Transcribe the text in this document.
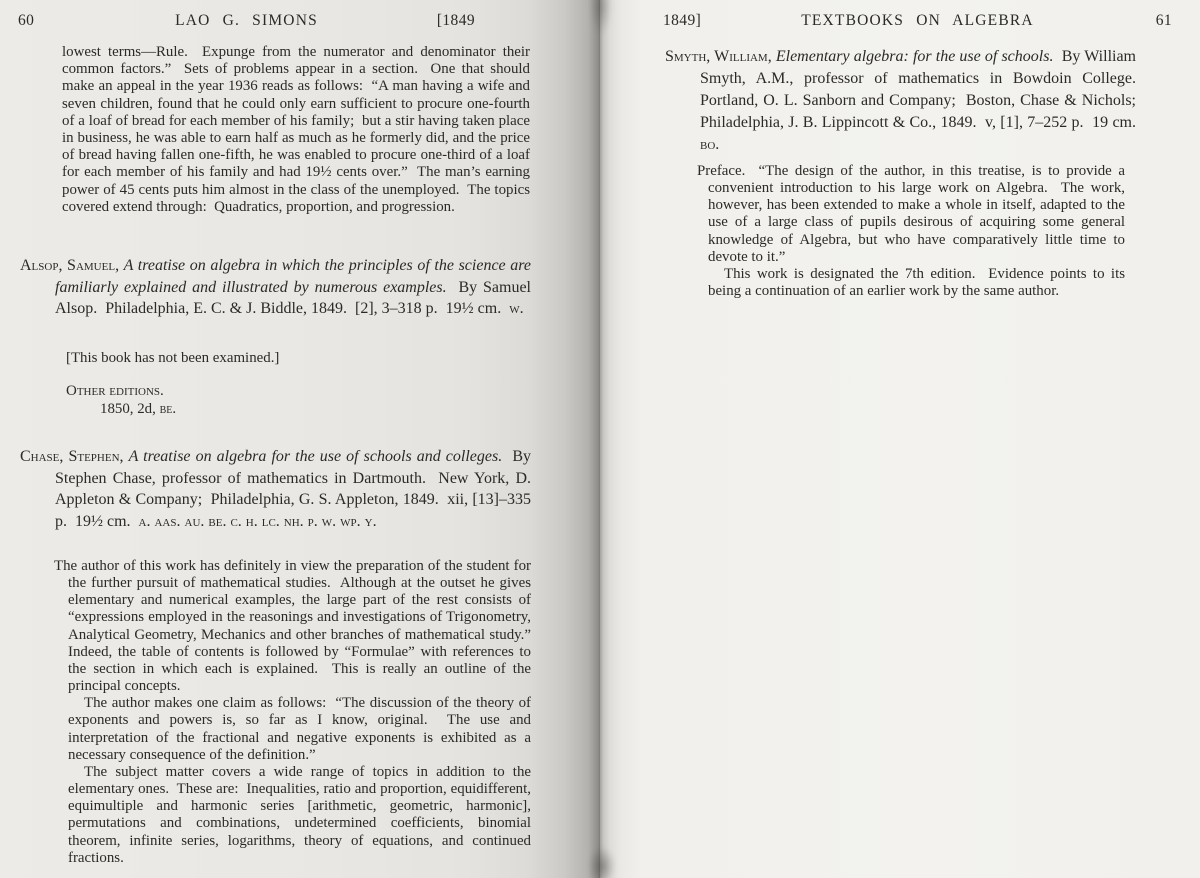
60	LAO G. SIMONS	[1849
lowest terms—Rule.  Expunge from the numerator and denominator their common factors.”  Sets of problems appear in a section.  One that should make an appeal in the year 1936 reads as follows:  “A man having a wife and seven children, found that he could only earn sufficient to procure one-fourth of a loaf of bread for each member of his family;  but a stir having taken place in business, he was able to earn half as much as he formerly did, and the price of bread having fallen one-fifth, he was enabled to procure one-third of a loaf for each member of his family and had 19½ cents over.”  The man’s earning power of 45 cents puts him almost in the class of the unemployed.  The topics covered extend through:  Quadratics, proportion, and progression.
Alsop, Samuel, A treatise on algebra in which the principles of the science are familiarly explained and illustrated by numerous examples.  By Samuel Alsop.  Philadelphia, E. C. & J. Biddle, 1849.  [2], 3–318 p.  19½ cm.  w.
[This book has not been examined.]
Other editions.
1850, 2d, be.
Chase, Stephen, A treatise on algebra for the use of schools and colleges.  By Stephen Chase, professor of mathematics in Dartmouth.  New York, D. Appleton & Company;  Philadelphia, G. S. Appleton, 1849.  xii, [13]–335 p.  19½ cm.  a. aas. au. be. c. h. lc. nh. p. w. wp. y.

The author of this work has definitely in view the preparation of the student for the further pursuit of mathematical studies.  Although at the outset he gives elementary and numerical examples, the large part of the rest consists of “expressions employed in the reasonings and investigations of Trigonometry, Analytical Geometry, Mechanics and other branches of mathematical study.”  Indeed, the table of contents is followed by “Formulae” with references to the section in which each is explained.  This is really an outline of the principal concepts.

The author makes one claim as follows:  “The discussion of the theory of exponents and powers is, so far as I know, original.  The use and interpretation of the fractional and negative exponents is exhibited as a necessary consequence of the definition.”

The subject matter covers a wide range of topics in addition to the elementary ones.  These are:  Inequalities, ratio and proportion, equidifferent, equimultiple and harmonic series [arithmetic, geometric, harmonic], permutations and combinations, undetermined coefficients, binomial theorem, infinite series, logarithms, theory of equations, and continued fractions.

1849]	TEXTBOOKS ON ALGEBRA	61
Smyth, William, Elementary algebra: for the use of schools.  By William Smyth, A.M., professor of mathematics in Bowdoin College.  Portland, O. L. Sanborn and Company;  Boston, Chase & Nichols;  Philadelphia, J. B. Lippincott & Co., 1849.  v, [1], 7–252 p.  19 cm.  bo.

Preface.  “The design of the author, in this treatise, is to provide a convenient introduction to his large work on Algebra.  The work, however, has been extended to make a whole in itself, adapted to the use of a large class of pupils desirous of acquiring some general knowledge of Algebra, but who have comparatively little time to devote to it.”

This work is designated the 7th edition.  Evidence points to its being a continuation of an earlier work by the same author.
